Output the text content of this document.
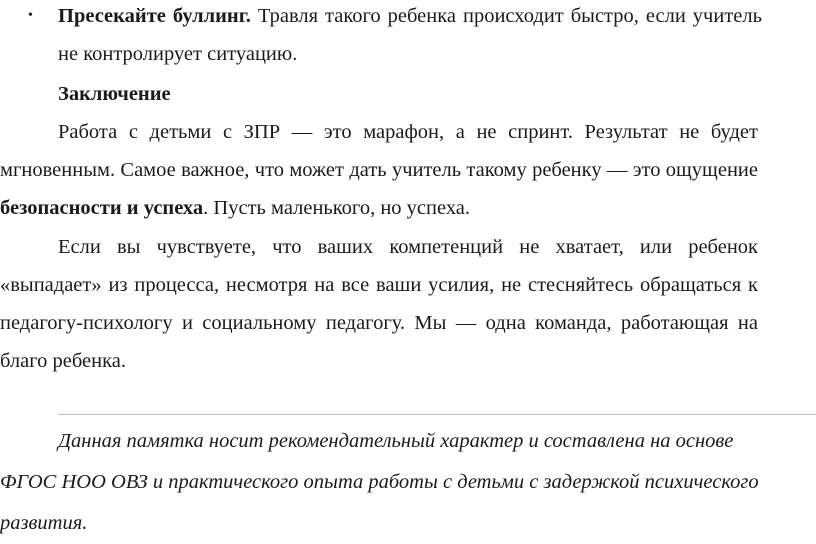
• Пресекайте буллинг. Травля такого ребенка происходит быстро, если учитель не контролирует ситуацию.
Заключение
Работа с детьми с ЗПР — это марафон, а не спринт. Результат не будет мгновенным. Самое важное, что может дать учитель такому ребенку — это ощущение безопасности и успеха. Пусть маленького, но успеха.
Если вы чувствуете, что ваших компетенций не хватает, или ребенок «выпадает» из процесса, несмотря на все ваши усилия, не стесняйтесь обращаться к педагогу-психологу и социальному педагогу. Мы — одна команда, работающая на благо ребенка.
Данная памятка носит рекомендательный характер и составлена на основе ФГОС НОО ОВЗ и практического опыта работы с детьми с задержкой психического развития.
